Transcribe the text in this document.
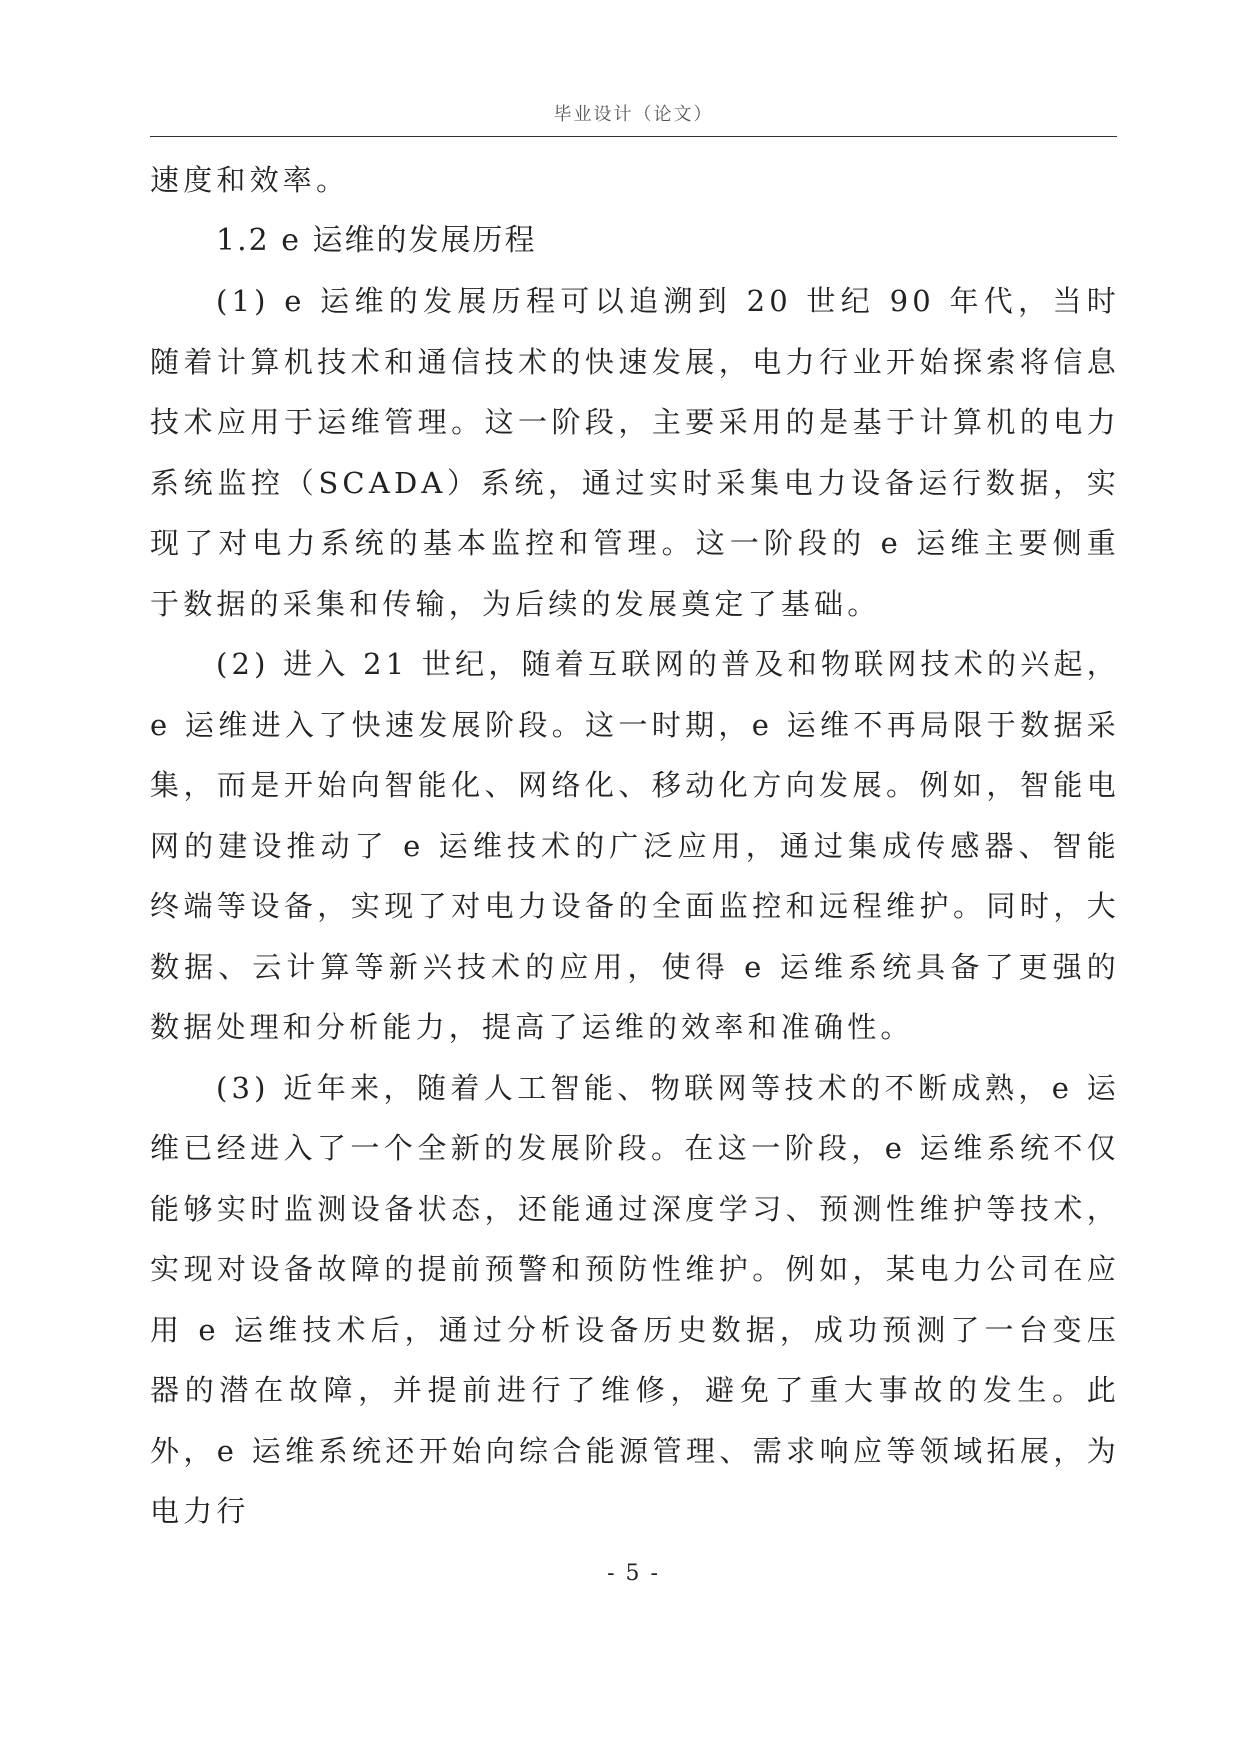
毕业设计（论文）

速度和效率。

1.2 e 运维的发展历程

(1) e 运维的发展历程可以追溯到 20 世纪 90 年代，当时随着计算机技术和通信技术的快速发展，电力行业开始探索将信息技术应用于运维管理。这一阶段，主要采用的是基于计算机的电力系统监控（SCADA）系统，通过实时采集电力设备运行数据，实现了对电力系统的基本监控和管理。这一阶段的 e 运维主要侧重于数据的采集和传输，为后续的发展奠定了基础。

(2) 进入 21 世纪，随着互联网的普及和物联网技术的兴起，e 运维进入了快速发展阶段。这一时期，e 运维不再局限于数据采集，而是开始向智能化、网络化、移动化方向发展。例如，智能电网的建设推动了 e 运维技术的广泛应用，通过集成传感器、智能终端等设备，实现了对电力设备的全面监控和远程维护。同时，大数据、云计算等新兴技术的应用，使得 e 运维系统具备了更强的数据处理和分析能力，提高了运维的效率和准确性。

(3) 近年来，随着人工智能、物联网等技术的不断成熟，e 运维已经进入了一个全新的发展阶段。在这一阶段，e 运维系统不仅能够实时监测设备状态，还能通过深度学习、预测性维护等技术，实现对设备故障的提前预警和预防性维护。例如，某电力公司在应用 e 运维技术后，通过分析设备历史数据，成功预测了一台变压器的潜在故障，并提前进行了维修，避免了重大事故的发生。此外，e 运维系统还开始向综合能源管理、需求响应等领域拓展，为电力行

- 5 -
